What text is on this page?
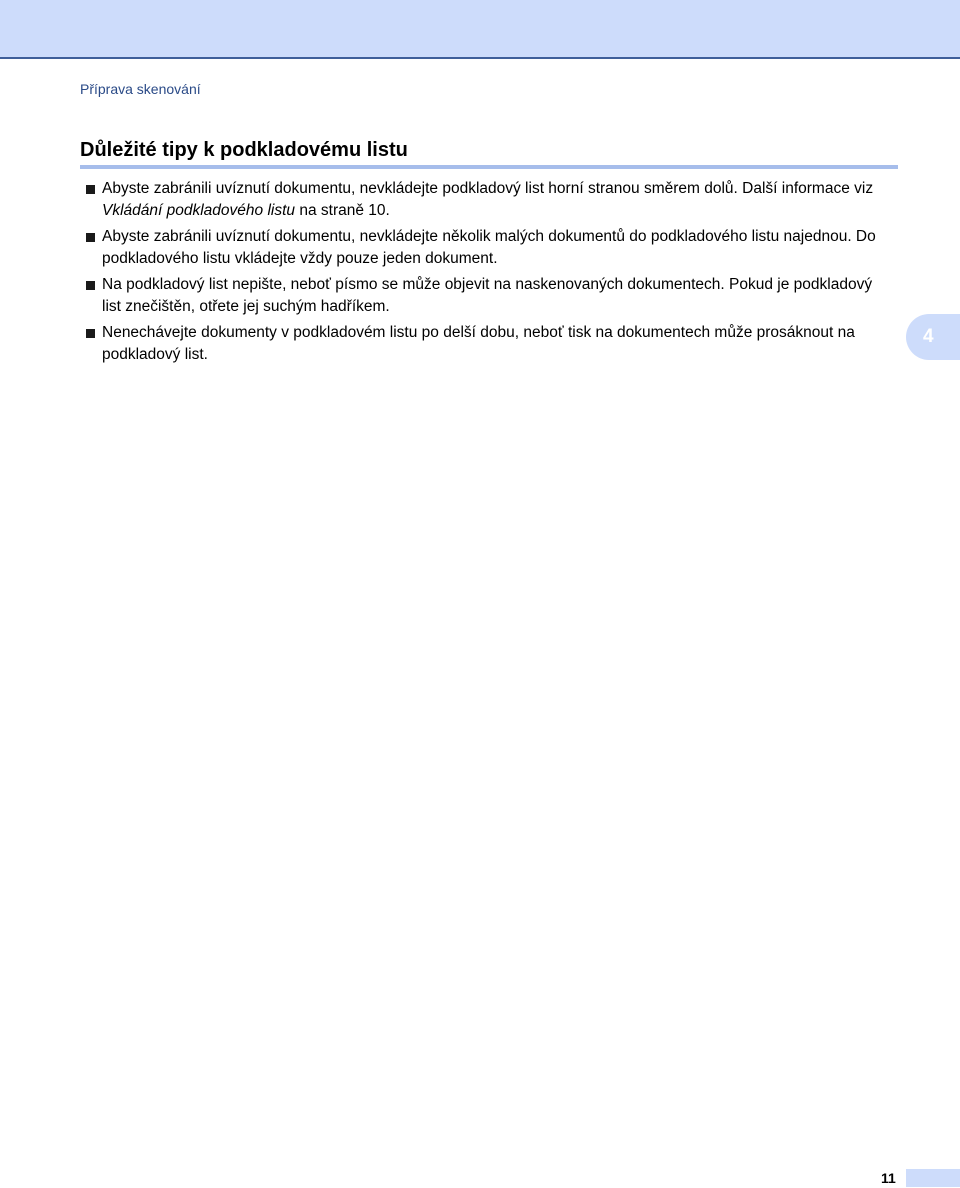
Příprava skenování
Důležité tipy k podkladovému listu
Abyste zabránili uvíznutí dokumentu, nevkládejte podkladový list horní stranou směrem dolů. Další informace viz Vkládání podkladového listu na straně 10.
Abyste zabránili uvíznutí dokumentu, nevkládejte několik malých dokumentů do podkladového listu najednou. Do podkladového listu vkládejte vždy pouze jeden dokument.
Na podkladový list nepište, neboť písmo se může objevit na naskenovaných dokumentech. Pokud je podkladový list znečištěn, otřete jej suchým hadříkem.
Nenechávejte dokumenty v podkladovém listu po delší dobu, neboť tisk na dokumentech může prosáknout na podkladový list.
4
11
